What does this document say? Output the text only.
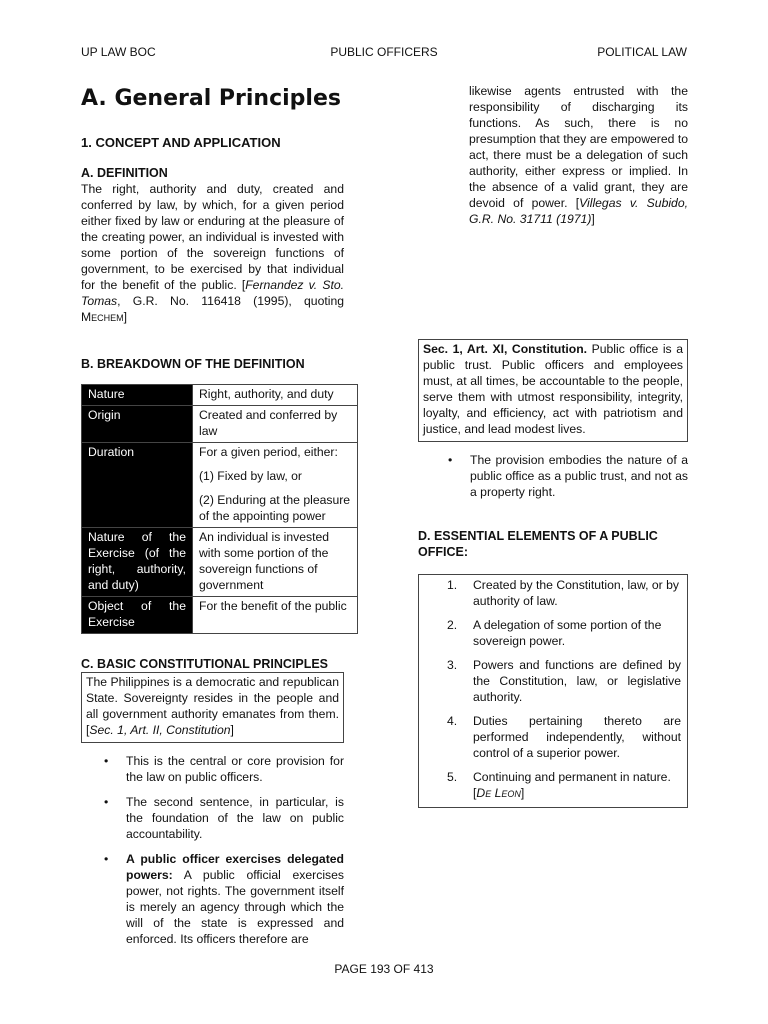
UP LAW BOC	PUBLIC OFFICERS	POLITICAL LAW
A. General Principles
1. CONCEPT AND APPLICATION
A. DEFINITION

The right, authority and duty, created and conferred by law, by which, for a given period either fixed by law or enduring at the pleasure of the creating power, an individual is invested with some portion of the sovereign functions of government, to be exercised by that individual for the benefit of the public. [Fernandez v. Sto. Tomas, G.R. No. 116418 (1995), quoting Mechem]

B. BREAKDOWN OF THE DEFINITION
Nature	Right, authority, and duty

Origin	Created and conferred by law

Duration	For a given period, either:

(1) Fixed by law, or

(2) Enduring at the pleasure of the appointing power

Nature of the Exercise (of the right, authority, and duty)	An individual is invested with some portion of the sovereign functions of government

Object of the Exercise	For the benefit of the public

C. BASIC CONSTITUTIONAL PRINCIPLES

The Philippines is a democratic and republican State. Sovereignty resides in the people and all government authority emanates from them. [Sec. 1, Art. II, Constitution]

• This is the central or core provision for the law on public officers.
• The second sentence, in particular, is the foundation of the law on public accountability.
• A public officer exercises delegated powers: A public official exercises power, not rights. The government itself is merely an agency through which the will of the state is expressed and enforced. Its officers therefore are

Sec. 1, Art. XI, Constitution. Public office is a public trust. Public officers and employees must, at all times, be accountable to the people, serve them with utmost responsibility, integrity, loyalty, and efficiency, act with patriotism and justice, and lead modest lives.

• The provision embodies the nature of a public office as a public trust, and not as a property right.
D. ESSENTIAL ELEMENTS OF A PUBLIC OFFICE:
1. Created by the Constitution, law, or by authority of law.
2. A delegation of some portion of the sovereign power.
3. Powers and functions are defined by the Constitution, law, or legislative authority.
4. Duties pertaining thereto are performed independently, without control of a superior power.
5. Continuing and permanent in nature. [De Leon]
likewise agents entrusted with the responsibility of discharging its functions. As such, there is no presumption that they are empowered to act, there must be a delegation of such authority, either express or implied. In the absence of a valid grant, they are devoid of power. [Villegas v. Subido, G.R. No. 31711 (1971)]
PAGE 193 OF 413
